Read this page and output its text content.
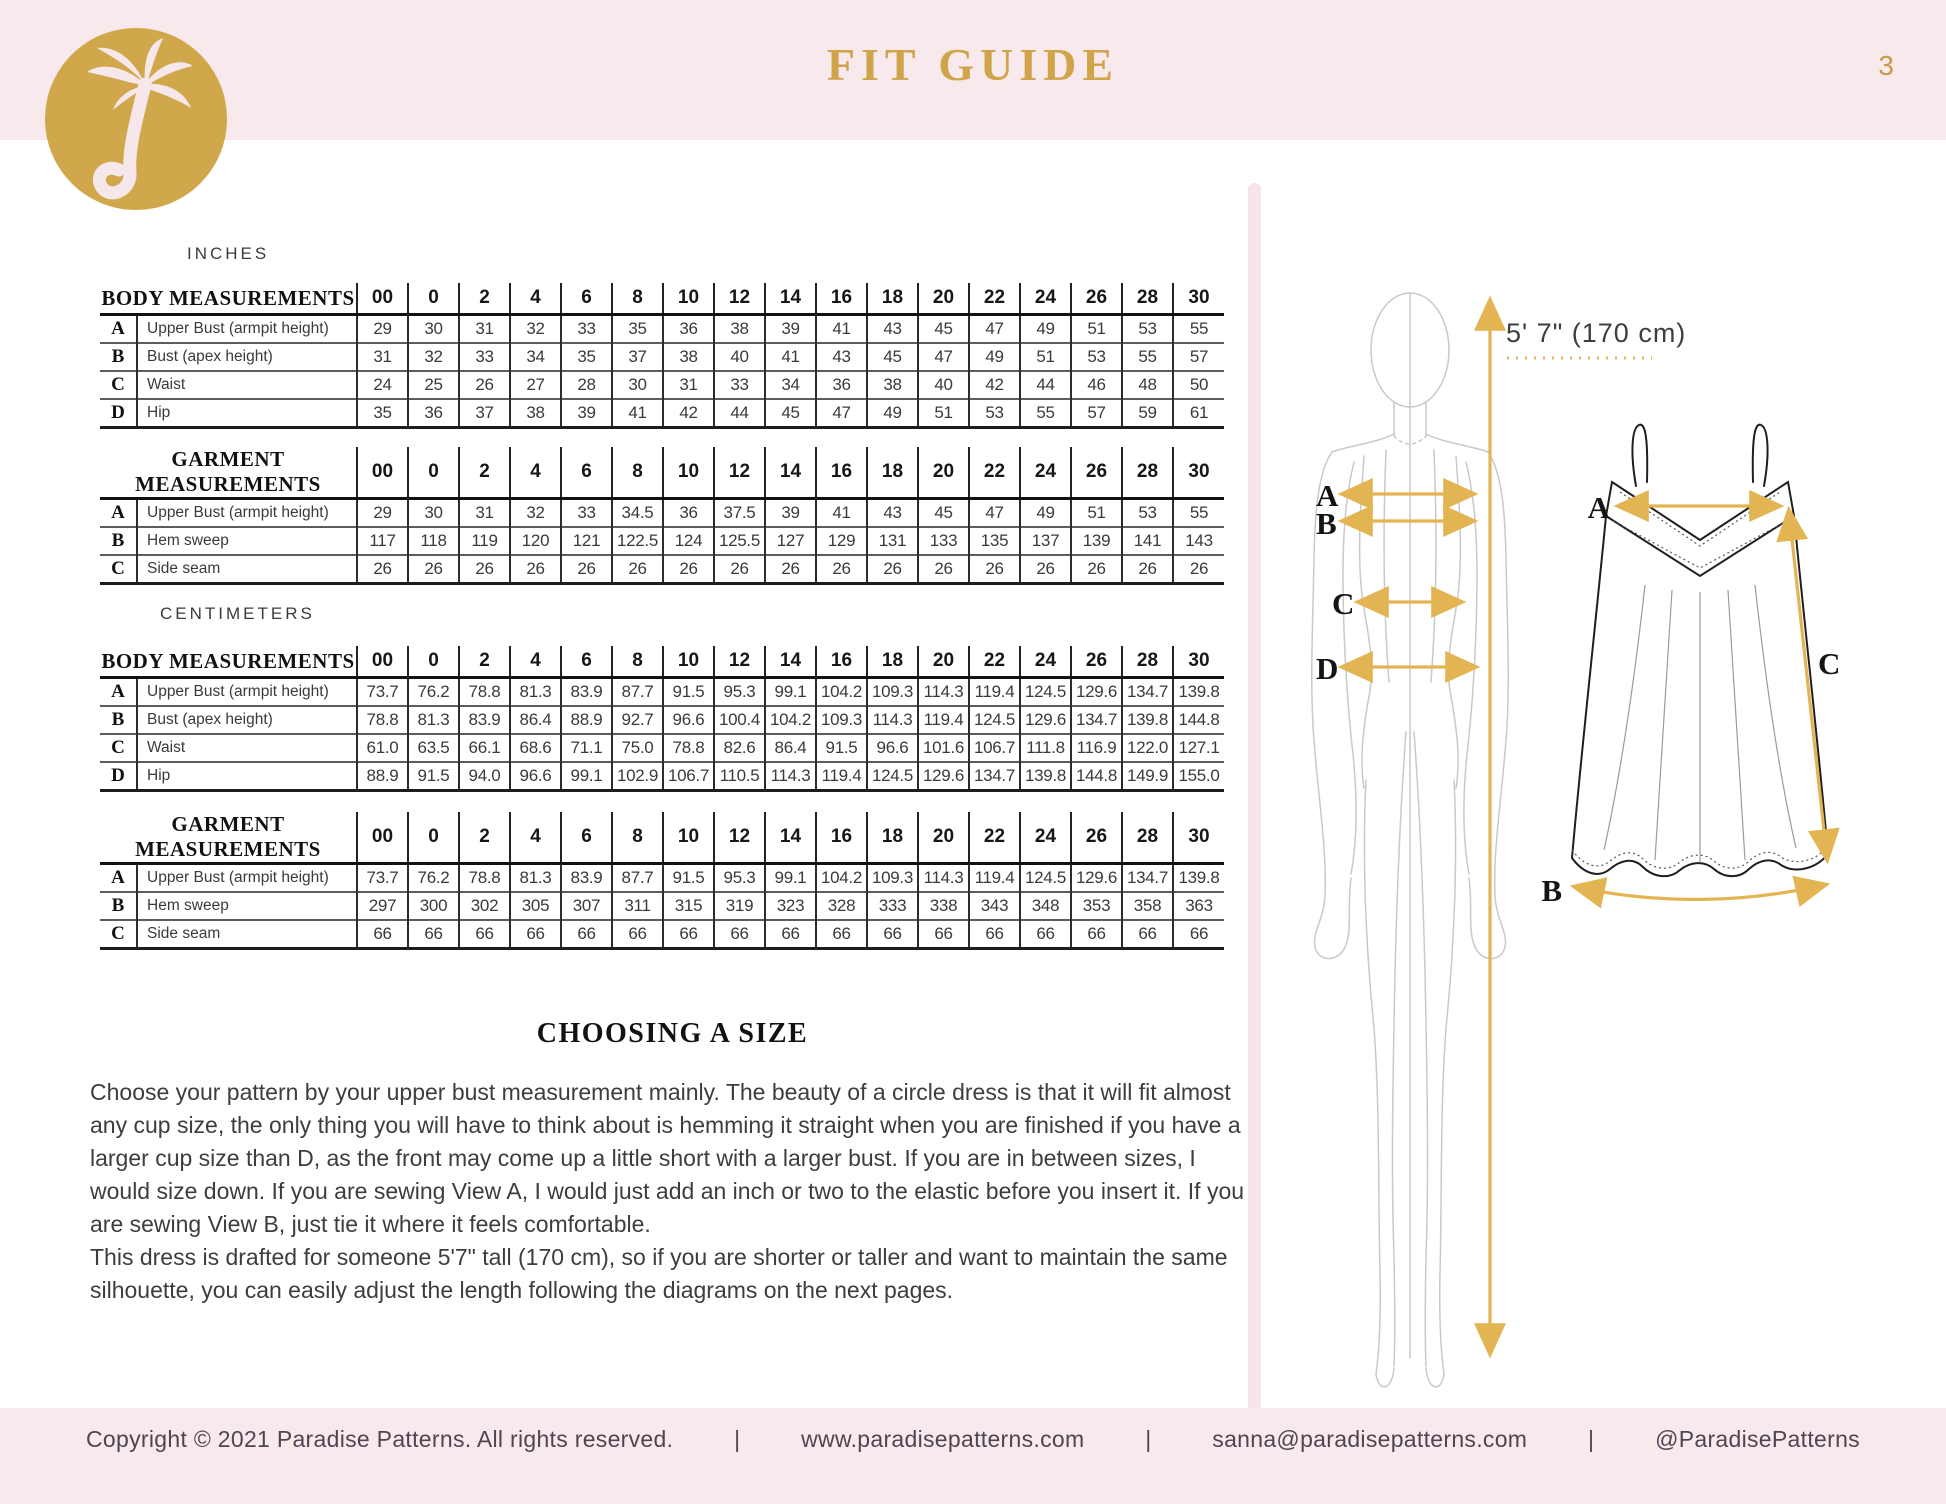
FIT GUIDE	3
INCHES
CENTIMETERS
BODY MEASUREMENTS		00	0	2	4	6	8	10	12	14	16	18	20	22	24	26	28	30
A	Upper Bust (armpit height)	29	30	31	32	33	35	36	38	39	41	43	45	47	49	51	53	55
B	Bust (apex height)	31	32	33	34	35	37	38	40	41	43	45	47	49	51	53	55	57
C	Waist	24	25	26	27	28	30	31	33	34	36	38	40	42	44	46	48	50
D	Hip	35	36	37	38	39	41	42	44	45	47	49	51	53	55	57	59	61
GARMENT MEASUREMENTS		00	0	2	4	6	8	10	12	14	16	18	20	22	24	26	28	30
A	Upper Bust (armpit height)	29	30	31	32	33	34.5	36	37.5	39	41	43	45	47	49	51	53	55
B	Hem sweep	117	118	119	120	121	122.5	124	125.5	127	129	131	133	135	137	139	141	143
C	Side seam	26	26	26	26	26	26	26	26	26	26	26	26	26	26	26	26	26
BODY MEASUREMENTS		00	0	2	4	6	8	10	12	14	16	18	20	22	24	26	28	30
A	Upper Bust (armpit height)	73.7	76.2	78.8	81.3	83.9	87.7	91.5	95.3	99.1	104.2	109.3	114.3	119.4	124.5	129.6	134.7	139.8
B	Bust (apex height)	78.8	81.3	83.9	86.4	88.9	92.7	96.6	100.4	104.2	109.3	114.3	119.4	124.5	129.6	134.7	139.8	144.8
C	Waist	61.0	63.5	66.1	68.6	71.1	75.0	78.8	82.6	86.4	91.5	96.6	101.6	106.7	111.8	116.9	122.0	127.1
D	Hip	88.9	91.5	94.0	96.6	99.1	102.9	106.7	110.5	114.3	119.4	124.5	129.6	134.7	139.8	144.8	149.9	155.0
GARMENT MEASUREMENTS		00	0	2	4	6	8	10	12	14	16	18	20	22	24	26	28	30
A	Upper Bust (armpit height)	73.7	76.2	78.8	81.3	83.9	87.7	91.5	95.3	99.1	104.2	109.3	114.3	119.4	124.5	129.6	134.7	139.8
B	Hem sweep	297	300	302	305	307	311	315	319	323	328	333	338	343	348	353	358	363
C	Side seam	66	66	66	66	66	66	66	66	66	66	66	66	66	66	66	66	66
CHOOSING A SIZE

Choose your pattern by your upper bust measurement mainly. The beauty of a circle dress is that it will fit almost any cup size, the only thing you will have to think about is hemming it straight when you are finished if you have a larger cup size than D, as the front may come up a little short with a larger bust. If you are in between sizes, I would size down. If you are sewing View A, I would just add an inch or two to the elastic before you insert it. If you are sewing View B, just tie it where it feels comfortable.

This dress is drafted for someone 5'7" tall (170 cm), so if you are shorter or taller and want to maintain the same silhouette, you can easily adjust the length following the diagrams on the next pages.

A
B
C
D
5' 7" (170 cm)
A
C
B
Copyright © 2021 Paradise Patterns. All rights reserved.	|	www.paradisepatterns.com	|	sanna@paradisepatterns.com	|	@ParadisePatterns
